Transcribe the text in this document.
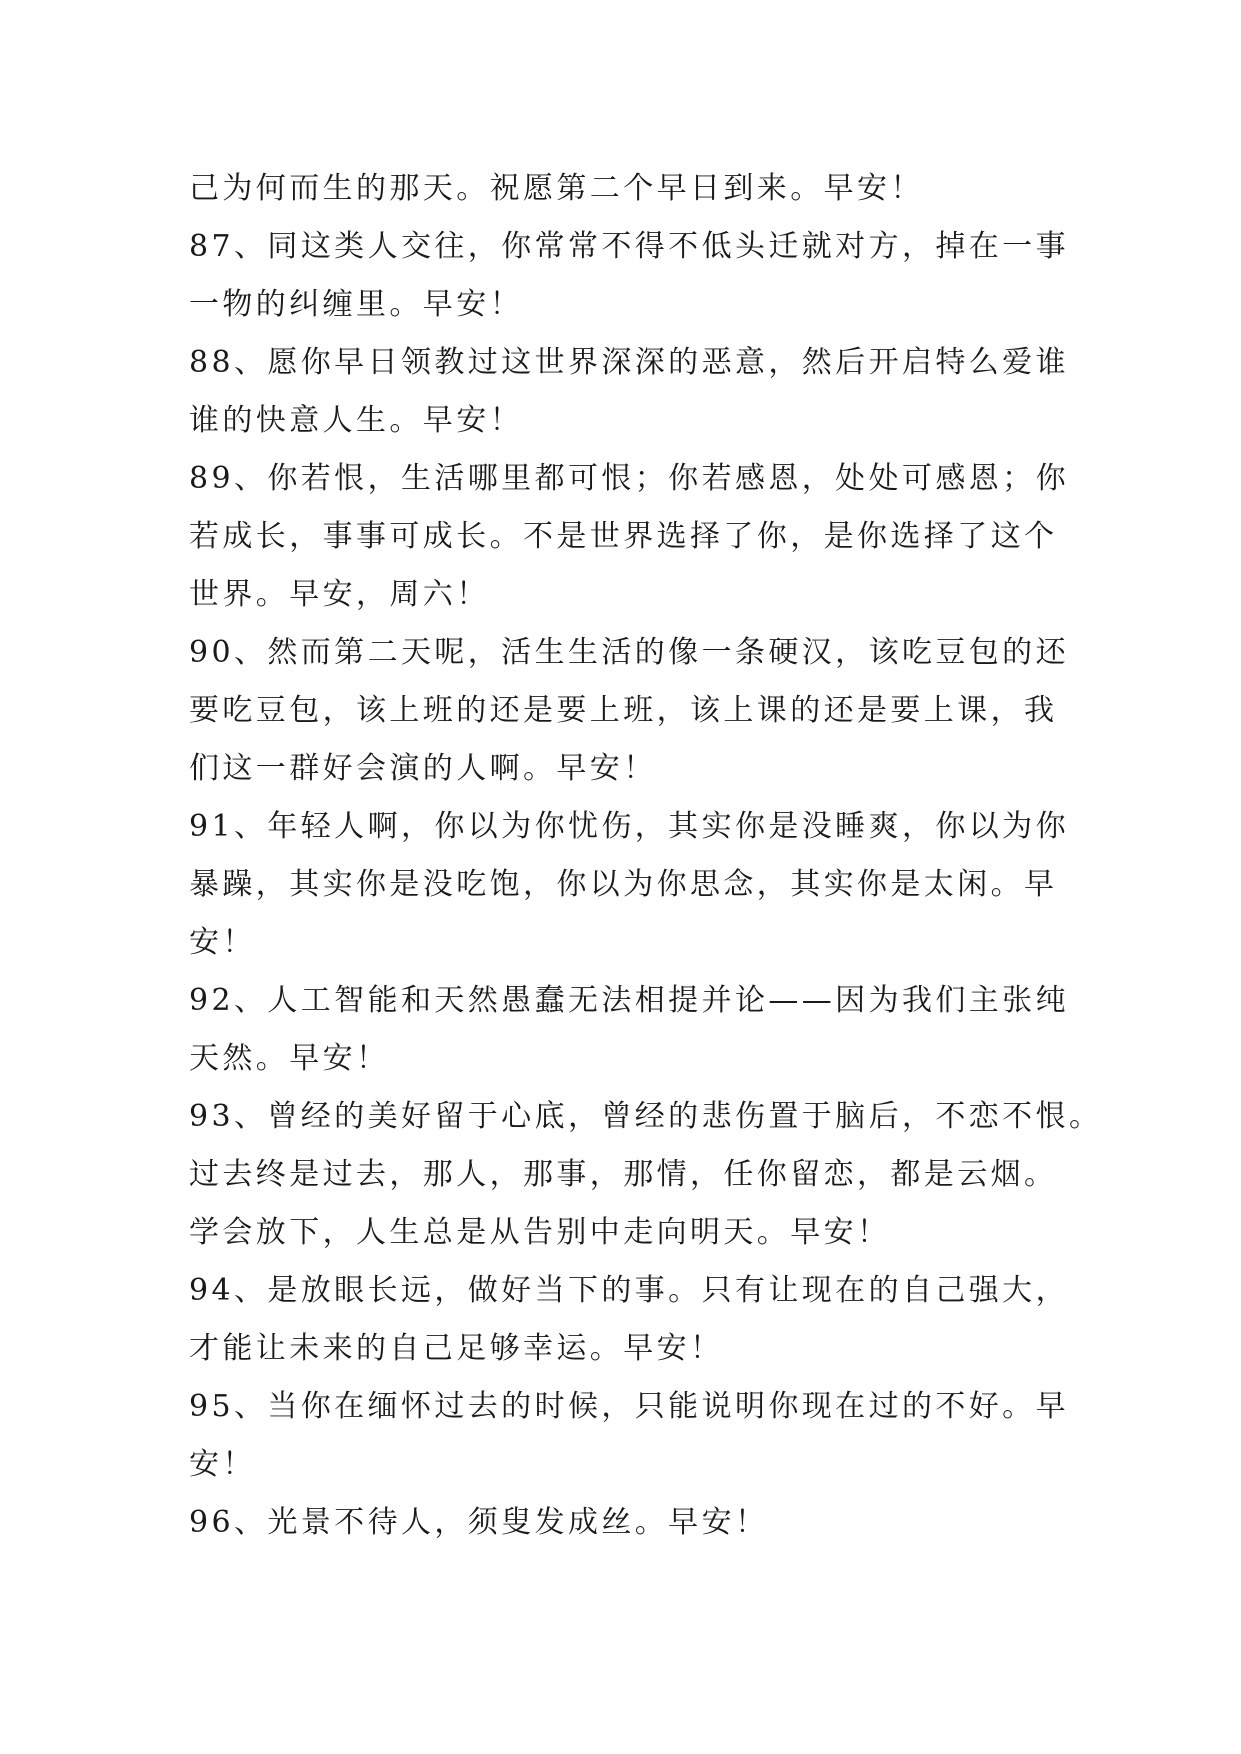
己为何而生的那天。祝愿第二个早日到来。早安！
87、同这类人交往，你常常不得不低头迁就对方，掉在一事
一物的纠缠里。早安！
88、愿你早日领教过这世界深深的恶意，然后开启特么爱谁
谁的快意人生。早安！
89、你若恨，生活哪里都可恨；你若感恩，处处可感恩；你
若成长，事事可成长。不是世界选择了你，是你选择了这个
世界。早安，周六！
90、然而第二天呢，活生生活的像一条硬汉，该吃豆包的还
要吃豆包，该上班的还是要上班，该上课的还是要上课，我
们这一群好会演的人啊。早安！
91、年轻人啊，你以为你忧伤，其实你是没睡爽，你以为你
暴躁，其实你是没吃饱，你以为你思念，其实你是太闲。早
安！
92、人工智能和天然愚蠢无法相提并论——因为我们主张纯
天然。早安！
93、曾经的美好留于心底，曾经的悲伤置于脑后，不恋不恨。
过去终是过去，那人，那事，那情，任你留恋，都是云烟。
学会放下，人生总是从告别中走向明天。早安！
94、是放眼长远，做好当下的事。只有让现在的自己强大，
才能让未来的自己足够幸运。早安！
95、当你在缅怀过去的时候，只能说明你现在过的不好。早
安！
96、光景不待人，须叟发成丝。早安！
